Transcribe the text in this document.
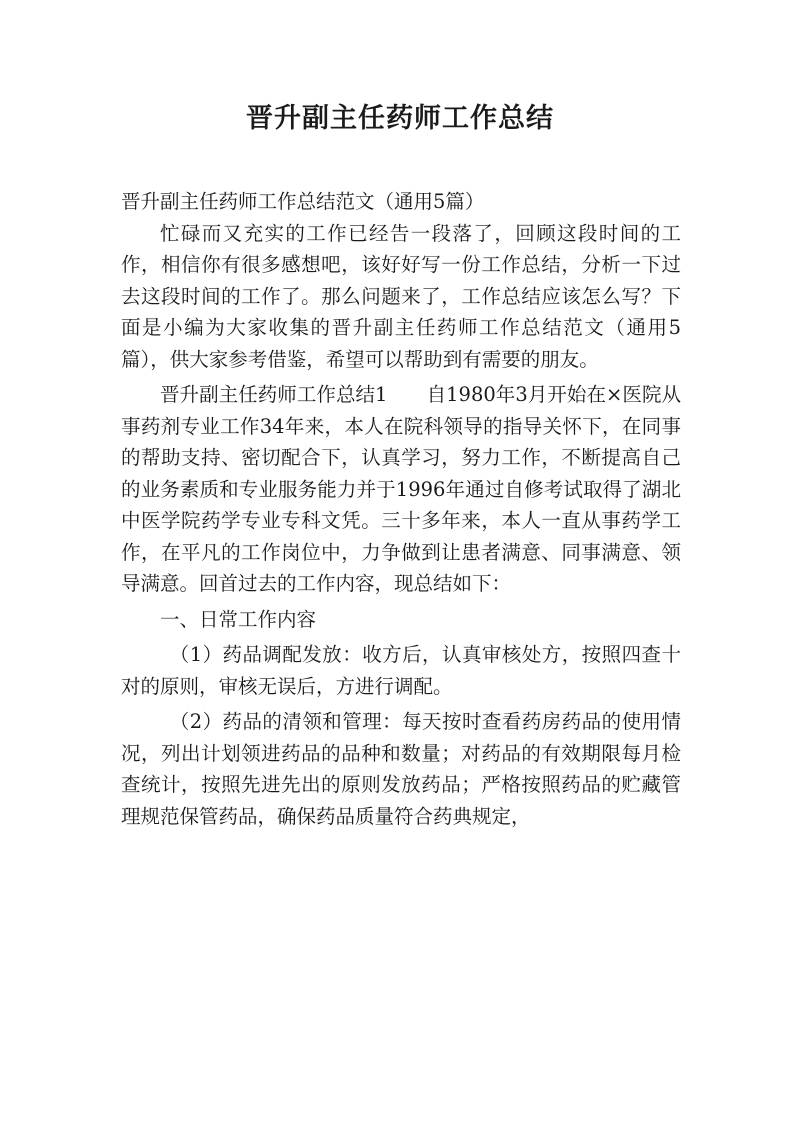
晋升副主任药师工作总结

晋升副主任药师工作总结范文（通用5篇）

忙碌而又充实的工作已经告一段落了，回顾这段时间的工作，相信你有很多感想吧，该好好写一份工作总结，分析一下过去这段时间的工作了。那么问题来了，工作总结应该怎么写？下面是小编为大家收集的晋升副主任药师工作总结范文（通用5篇），供大家参考借鉴，希望可以帮助到有需要的朋友。

晋升副主任药师工作总结1　　自1980年3月开始在×医院从事药剂专业工作34年来，本人在院科领导的指导关怀下，在同事的帮助支持、密切配合下，认真学习，努力工作，不断提高自己的业务素质和专业服务能力并于1996年通过自修考试取得了湖北中医学院药学专业专科文凭。三十多年来，本人一直从事药学工作，在平凡的工作岗位中，力争做到让患者满意、同事满意、领导满意。回首过去的工作内容，现总结如下：

一、日常工作内容

（1）药品调配发放：收方后，认真审核处方，按照四查十对的原则，审核无误后，方进行调配。

（2）药品的清领和管理：每天按时查看药房药品的使用情况，列出计划领进药品的品种和数量；对药品的有效期限每月检查统计，按照先进先出的原则发放药品；严格按照药品的贮藏管理规范保管药品，确保药品质量符合药典规定，
